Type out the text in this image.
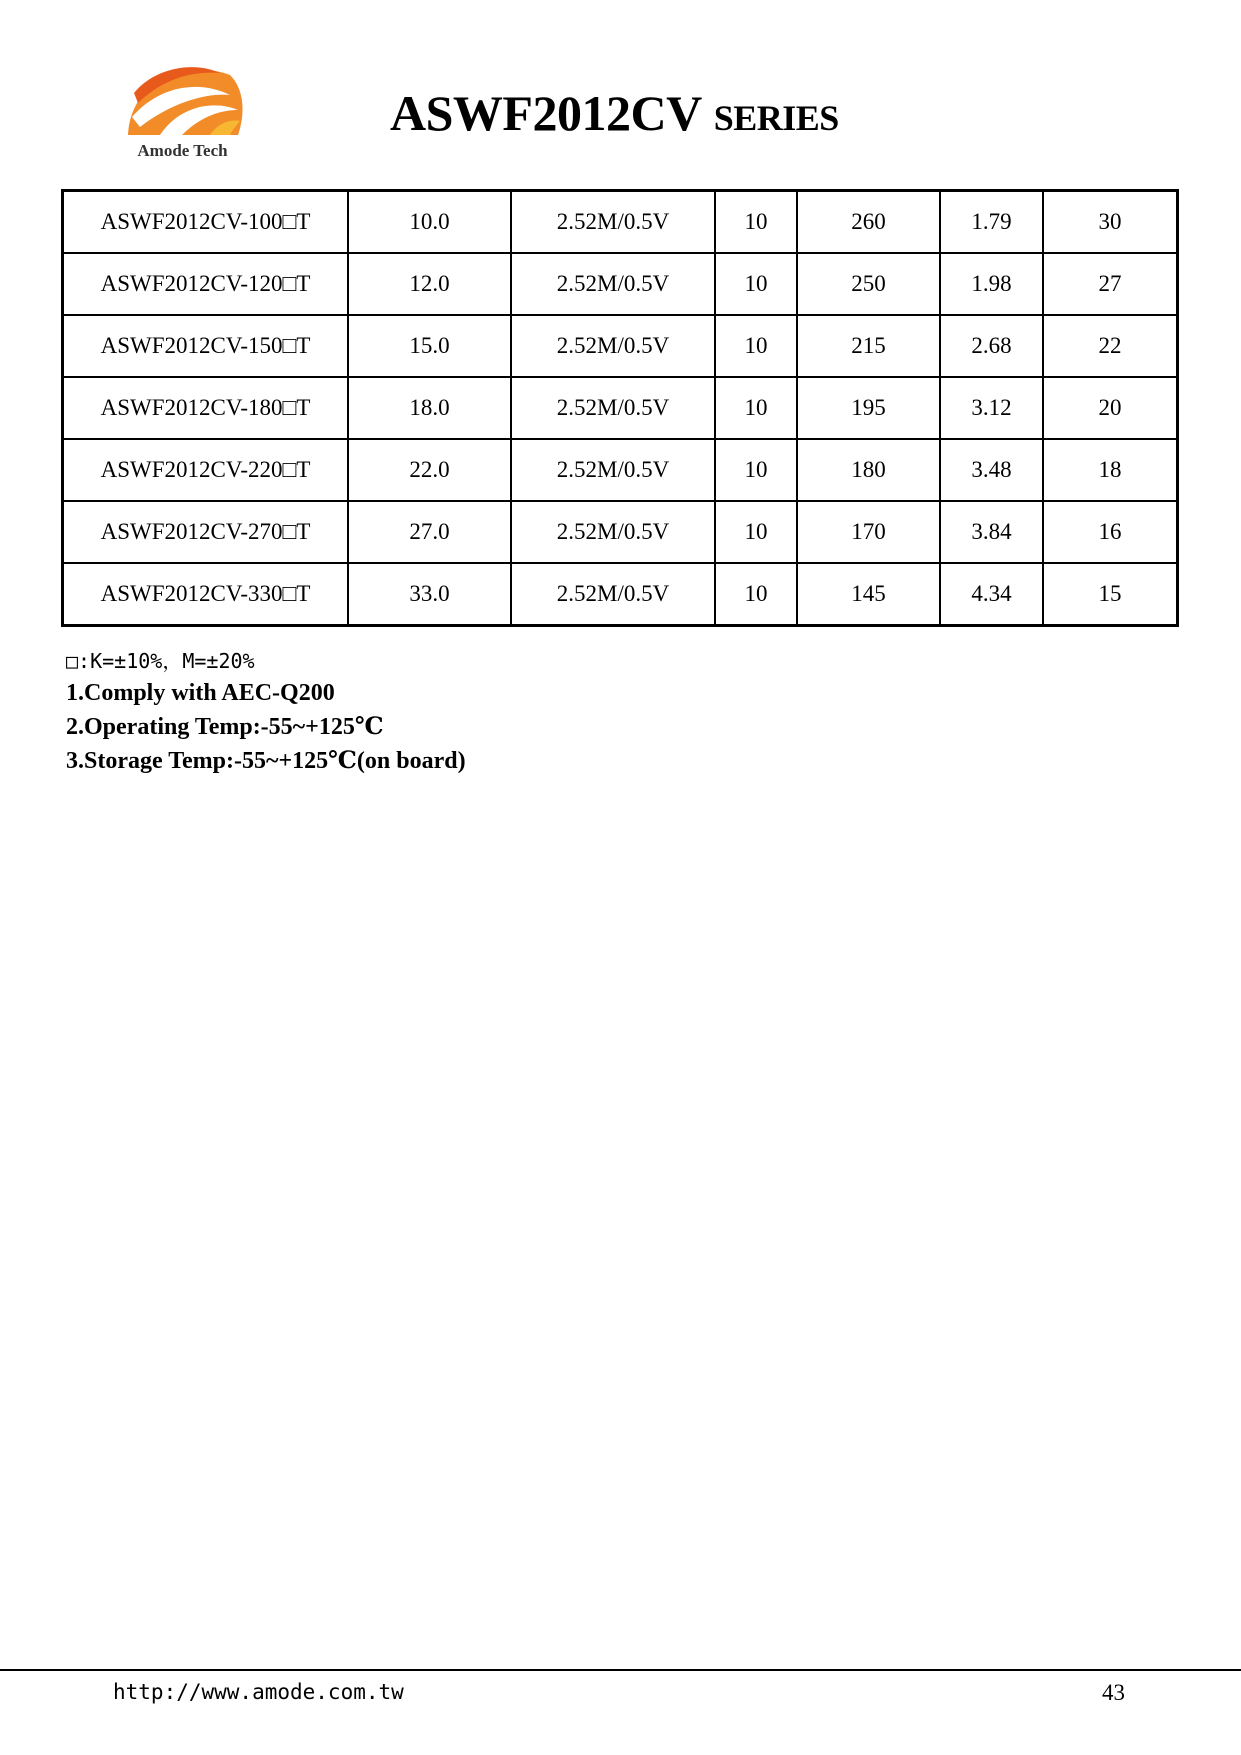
Amode Tech
ASWF2012CV SERIES
ASWF2012CV-100□T	10.0	2.52M/0.5V	10	260	1.79	30
ASWF2012CV-120□T	12.0	2.52M/0.5V	10	250	1.98	27
ASWF2012CV-150□T	15.0	2.52M/0.5V	10	215	2.68	22
ASWF2012CV-180□T	18.0	2.52M/0.5V	10	195	3.12	20
ASWF2012CV-220□T	22.0	2.52M/0.5V	10	180	3.48	18
ASWF2012CV-270□T	27.0	2.52M/0.5V	10	170	3.84	16
ASWF2012CV-330□T	33.0	2.52M/0.5V	10	145	4.34	15
□:K=±10%，M=±20%
1.Comply with AEC-Q200
2.Operating Temp:-55~+125℃
3.Storage Temp:-55~+125℃(on board)
http://www.amode.com.tw	43
